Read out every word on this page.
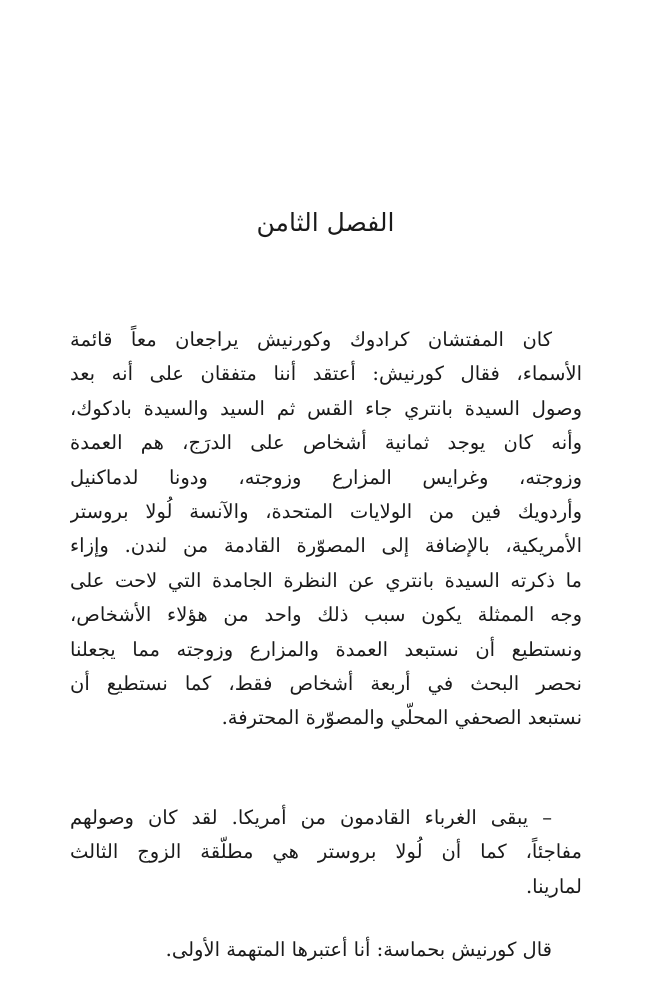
الفصل الثامن
كان المفتشان كرادوك وكورنيش يراجعان معاً قائمة
الأسماء، فقال كورنيش: أعتقد أننا متفقان على أنه بعد
وصول السيدة بانتري جاء القس ثم السيد والسيدة بادكوك،
وأنه كان يوجد ثمانية أشخاص على الدرَج، هم العمدة
وزوجته، وغرايس المزارع وزوجته، ودونا لدماكنيل
وأردويك فين من الولايات المتحدة، والآنسة لُولا بروستر
الأمريكية، بالإضافة إلى المصوّرة القادمة من لندن. وإزاء
ما ذكرته السيدة بانتري عن النظرة الجامدة التي لاحت على
وجه الممثلة يكون سبب ذلك واحد من هؤلاء الأشخاص،
ونستطيع أن نستبعد العمدة والمزارع وزوجته مما يجعلنا
نحصر البحث في أربعة أشخاص فقط، كما نستطيع أن
نستبعد الصحفي المحلّي والمصوّرة المحترفة.
– يبقى الغرباء القادمون من أمريكا. لقد كان وصولهم
مفاجئاً، كما أن لُولا بروستر هي مطلّقة الزوج الثالث
لمارينا.
قال كورنيش بحماسة: أنا أعتبرها المتهمة الأولى.
